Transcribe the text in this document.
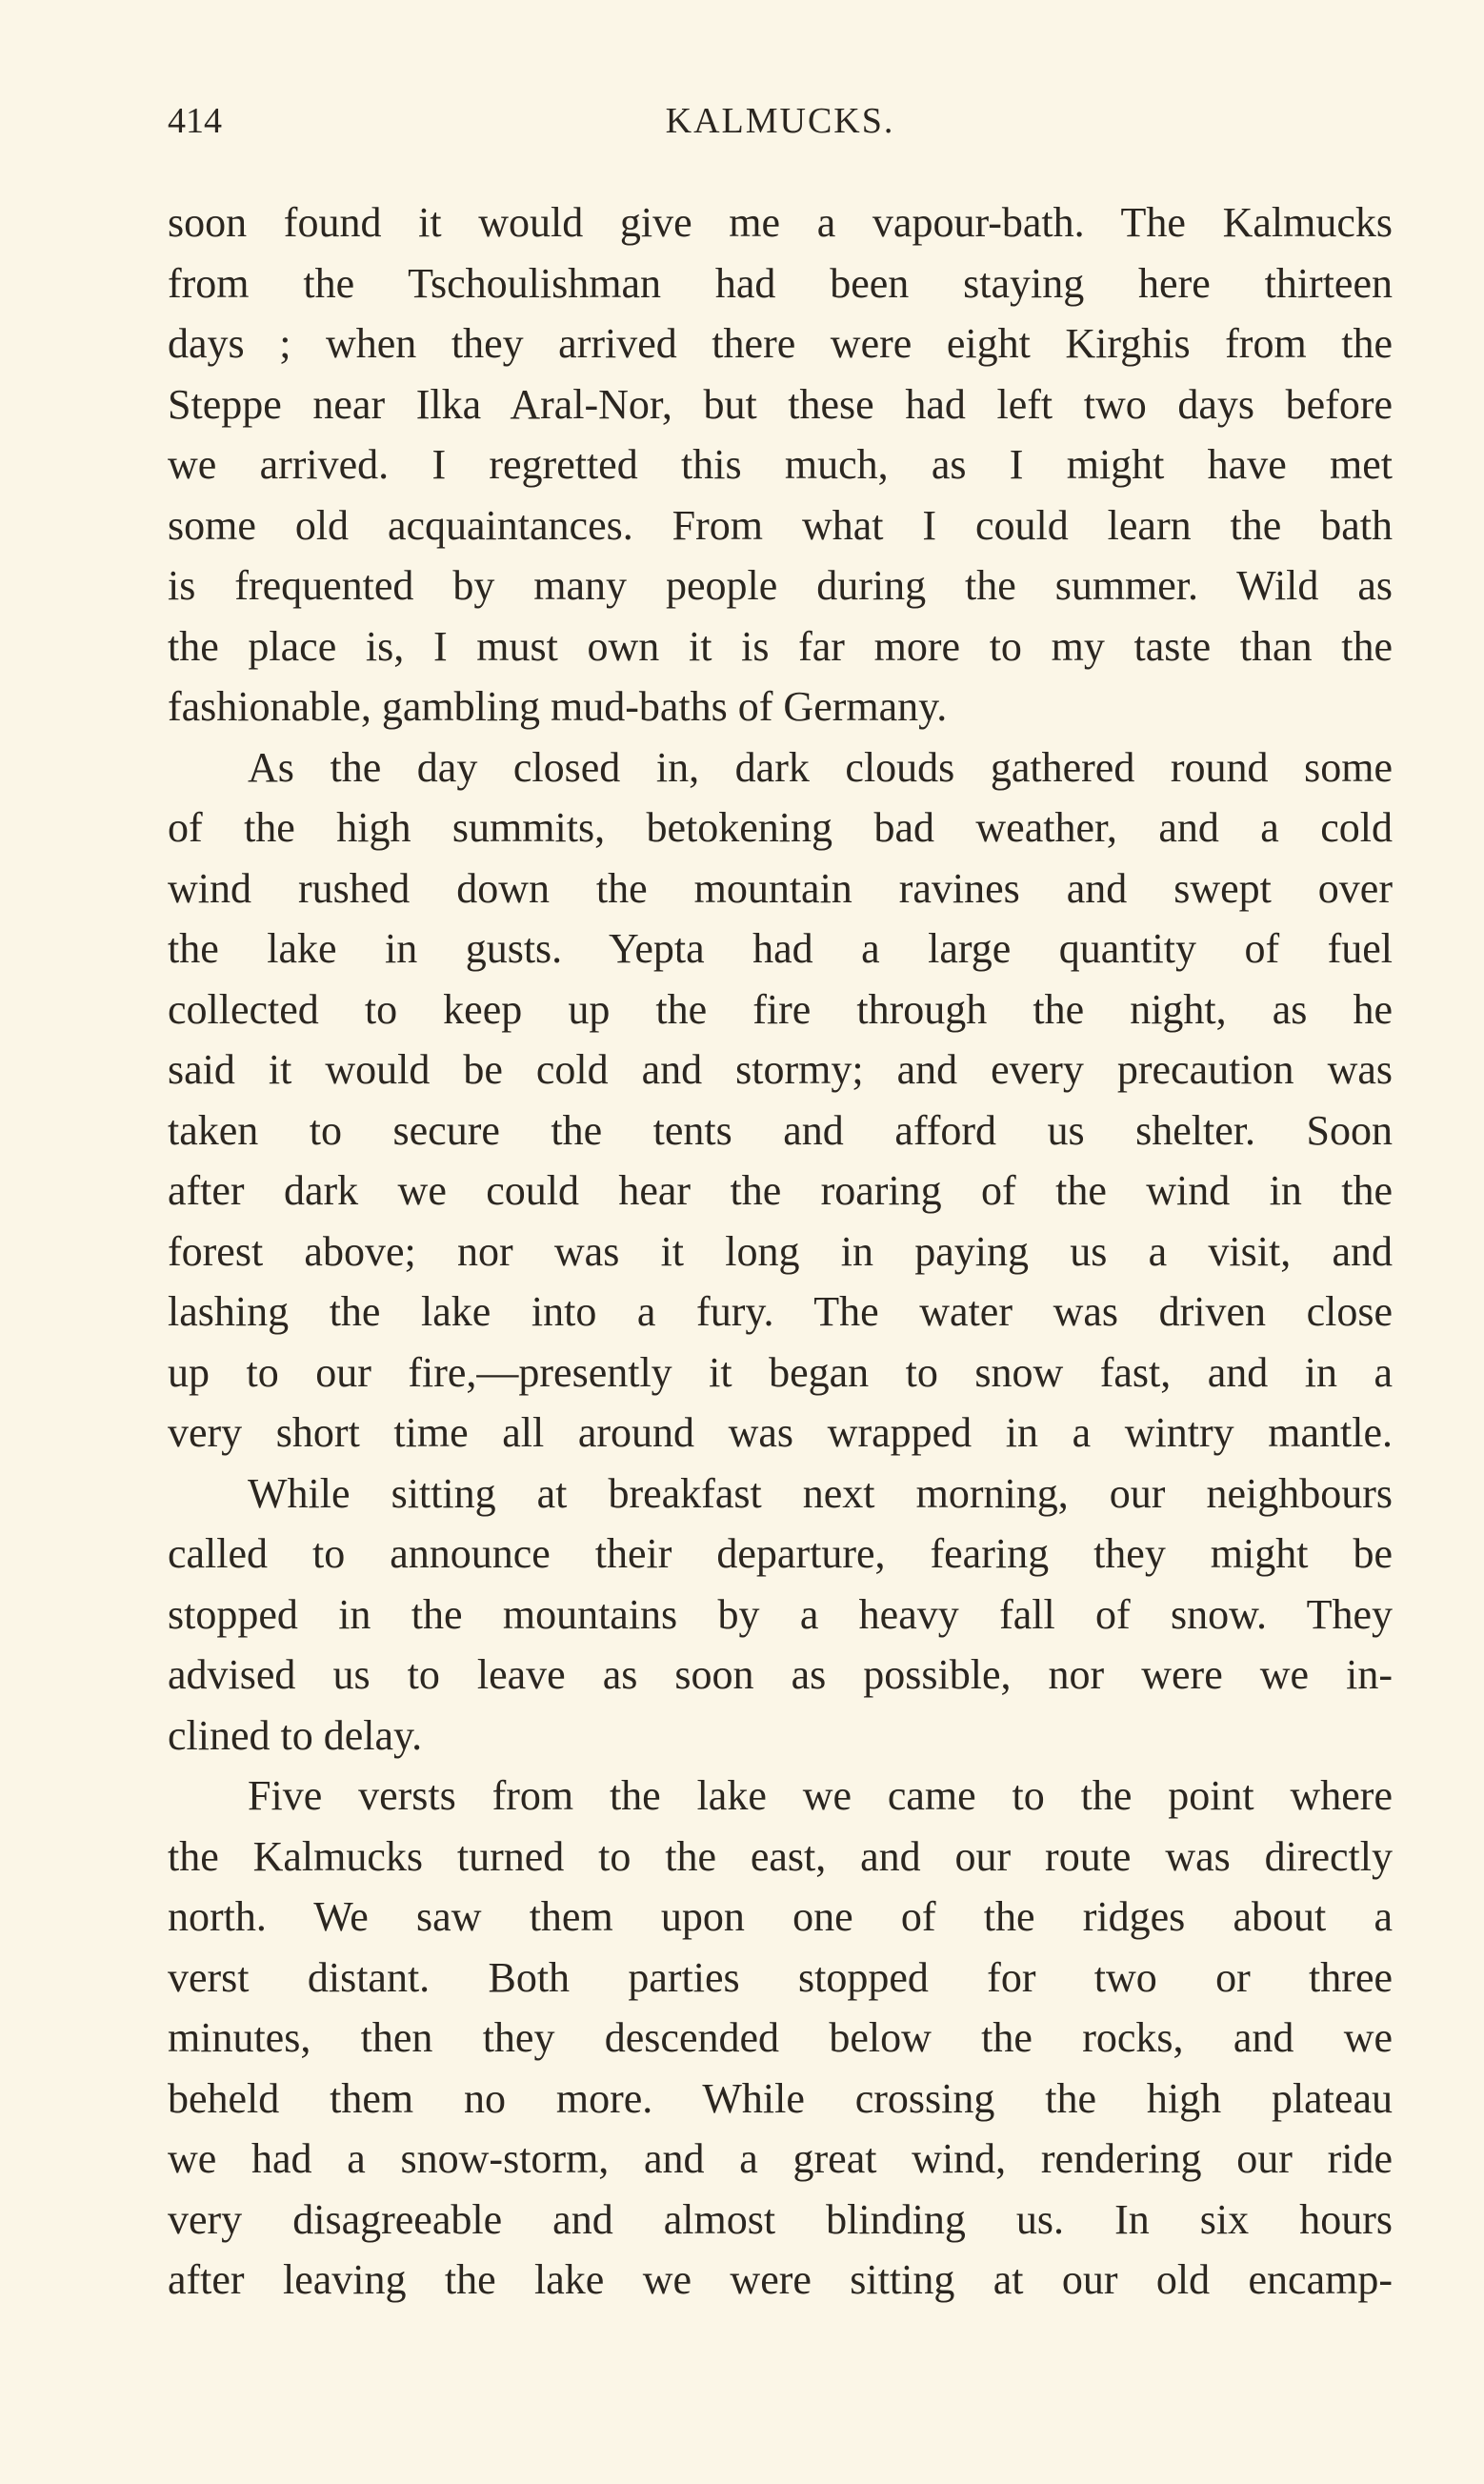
414	KALMUCKS.
soon found it would give me a vapour-bath. The Kalmucks
from the Tschoulishman had been staying here thirteen
days ; when they arrived there were eight Kirghis from the
Steppe near Ilka Aral-Nor, but these had left two days before
we arrived. I regretted this much, as I might have met
some old acquaintances. From what I could learn the bath
is frequented by many people during the summer. Wild as
the place is, I must own it is far more to my taste than the
fashionable, gambling mud-baths of Germany.
As the day closed in, dark clouds gathered round some
of the high summits, betokening bad weather, and a cold
wind rushed down the mountain ravines and swept over
the lake in gusts. Yepta had a large quantity of fuel
collected to keep up the fire through the night, as he
said it would be cold and stormy; and every precaution was
taken to secure the tents and afford us shelter. Soon
after dark we could hear the roaring of the wind in the
forest above; nor was it long in paying us a visit, and
lashing the lake into a fury. The water was driven close
up to our fire,—presently it began to snow fast, and in a
very short time all around was wrapped in a wintry mantle.
While sitting at breakfast next morning, our neighbours
called to announce their departure, fearing they might be
stopped in the mountains by a heavy fall of snow. They
advised us to leave as soon as possible, nor were we in-
clined to delay.
Five versts from the lake we came to the point where
the Kalmucks turned to the east, and our route was directly
north. We saw them upon one of the ridges about a
verst distant. Both parties stopped for two or three
minutes, then they descended below the rocks, and we
beheld them no more. While crossing the high plateau
we had a snow-storm, and a great wind, rendering our ride
very disagreeable and almost blinding us. In six hours
after leaving the lake we were sitting at our old encamp-
